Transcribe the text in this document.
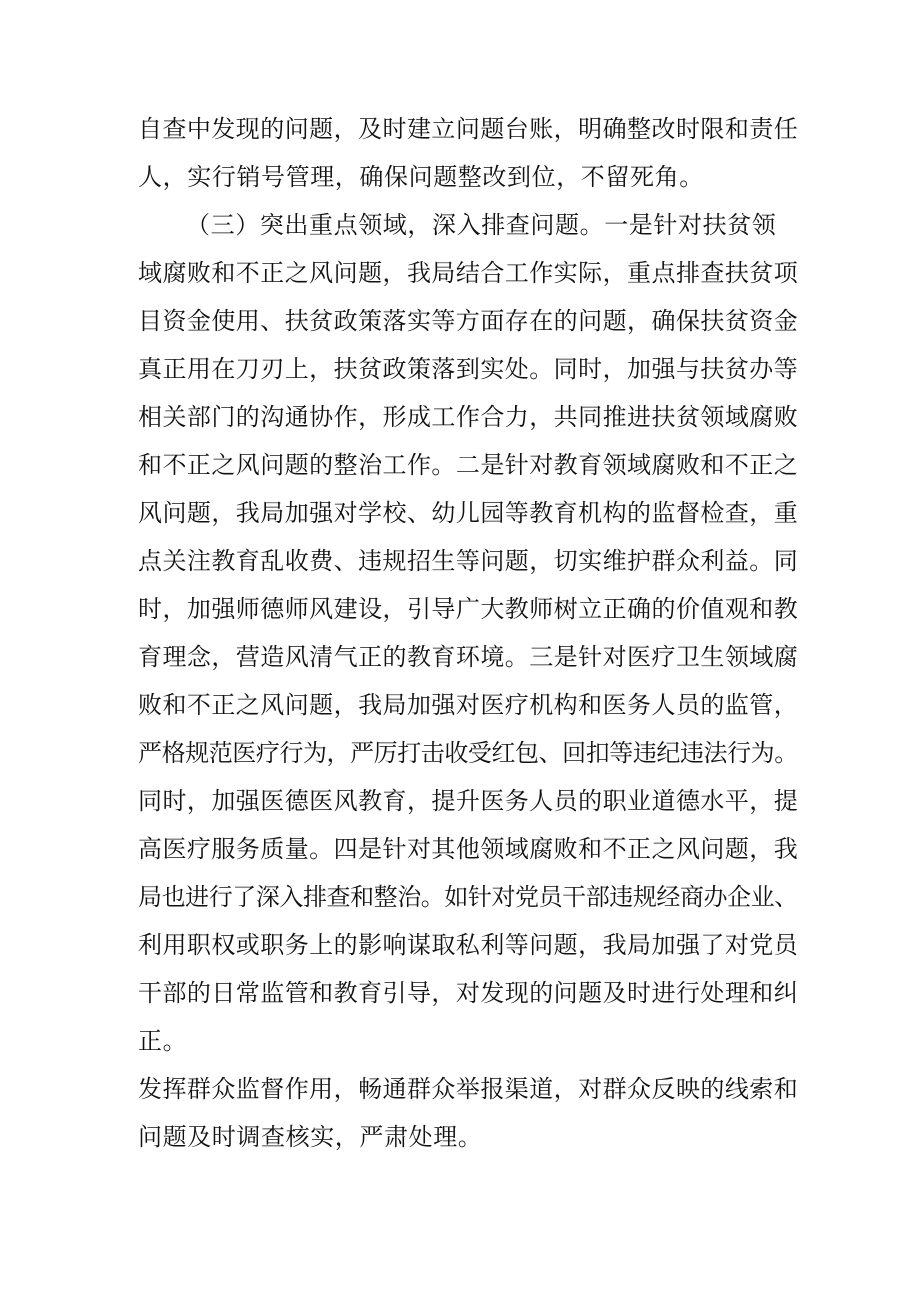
自查中发现的问题，及时建立问题台账，明确整改时限和责任
人，实行销号管理，确保问题整改到位，不留死角。
（三）突出重点领域，深入排查问题。一是针对扶贫领
域腐败和不正之风问题，我局结合工作实际，重点排查扶贫项
目资金使用、扶贫政策落实等方面存在的问题，确保扶贫资金
真正用在刀刃上，扶贫政策落到实处。同时，加强与扶贫办等
相关部门的沟通协作，形成工作合力，共同推进扶贫领域腐败
和不正之风问题的整治工作。二是针对教育领域腐败和不正之
风问题，我局加强对学校、幼儿园等教育机构的监督检查，重
点关注教育乱收费、违规招生等问题，切实维护群众利益。同
时，加强师德师风建设，引导广大教师树立正确的价值观和教
育理念，营造风清气正的教育环境。三是针对医疗卫生领域腐
败和不正之风问题，我局加强对医疗机构和医务人员的监管，
严格规范医疗行为，严厉打击收受红包、回扣等违纪违法行为。
同时，加强医德医风教育，提升医务人员的职业道德水平，提
高医疗服务质量。四是针对其他领域腐败和不正之风问题，我
局也进行了深入排查和整治。如针对党员干部违规经商办企业、
利用职权或职务上的影响谋取私利等问题，我局加强了对党员
干部的日常监管和教育引导，对发现的问题及时进行处理和纠
正。
发挥群众监督作用，畅通群众举报渠道，对群众反映的线索和
问题及时调查核实，严肃处理。
